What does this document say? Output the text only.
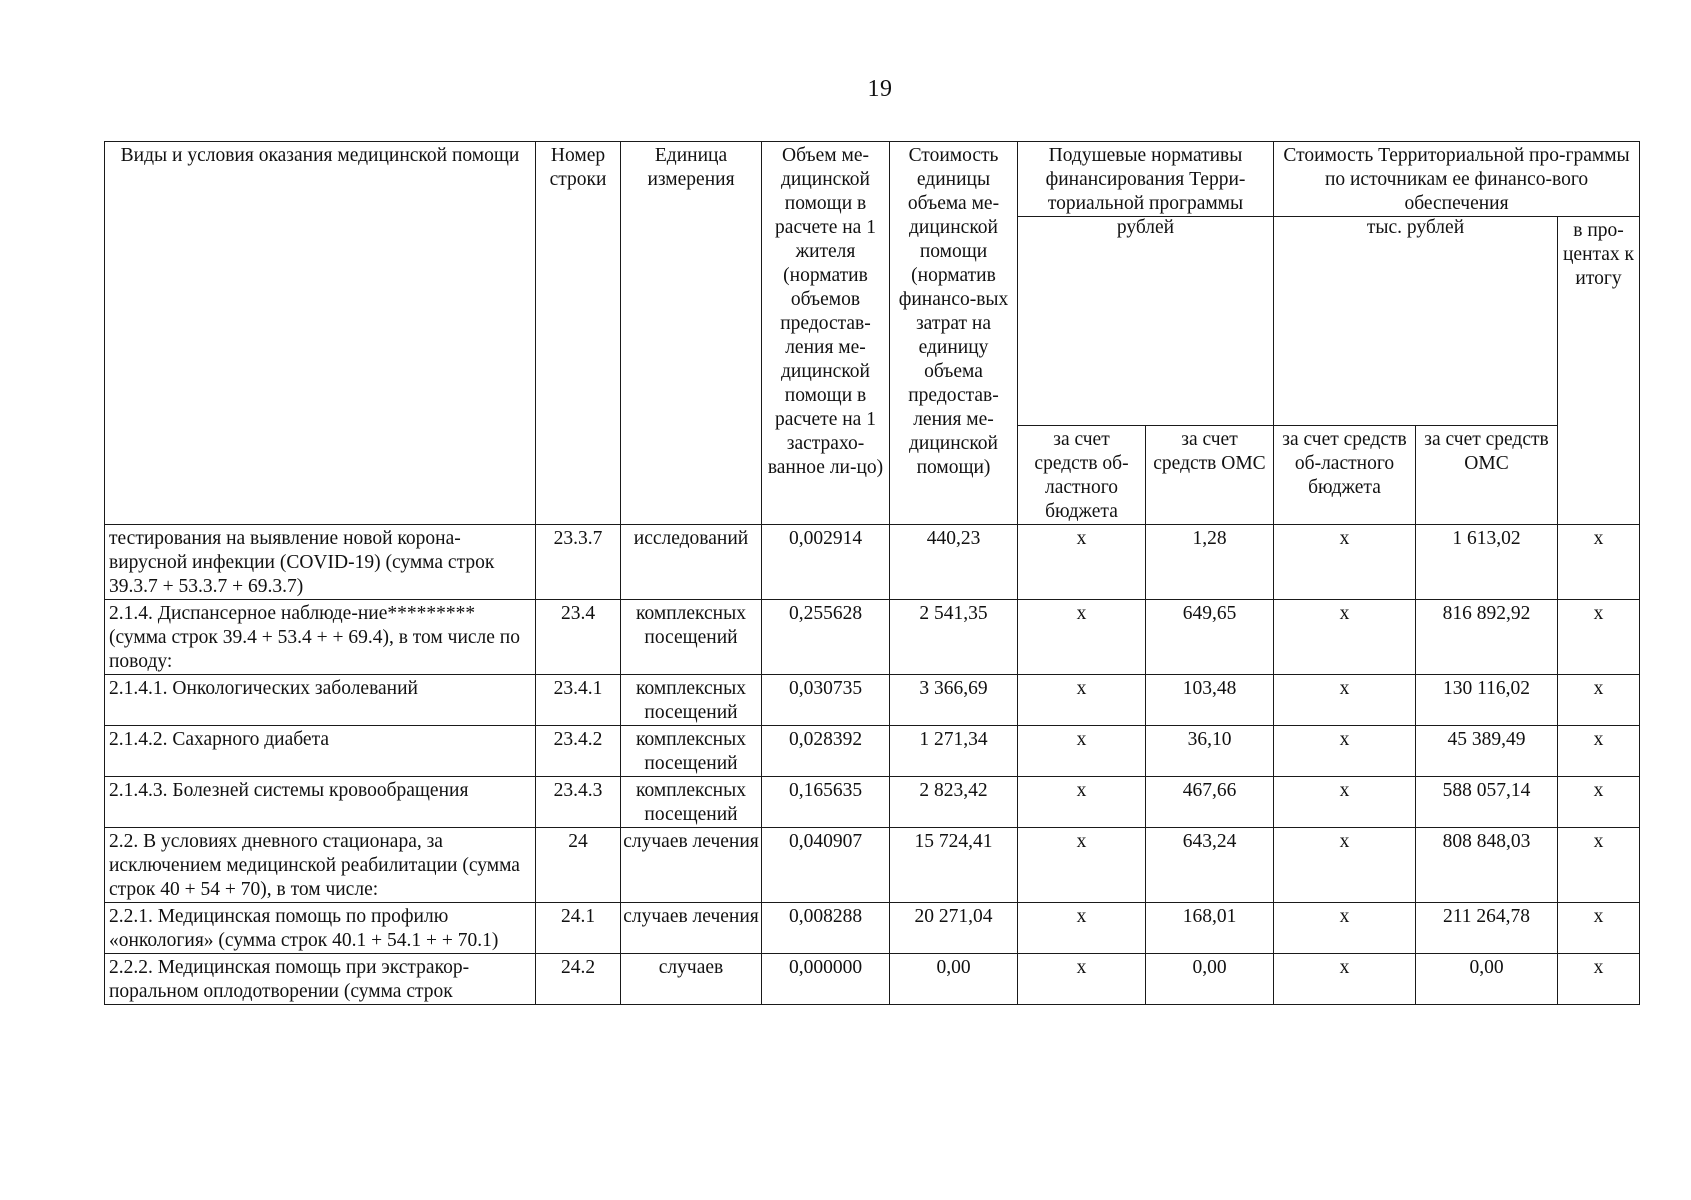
19
Виды и условия оказания медицинской помощи	Номер строки	Единица измерения	Объем ме-дицинской помощи в расчете на 1 жителя (норматив объемов предостав-ления ме-дицинской помощи в расчете на 1 застрахо-ванное ли-цо)	Стоимость единицы объема ме-дицинской помощи (норматив финансо-вых затрат на единицу объема предостав-ления ме-дицинской помощи)	Подушевые нормативы финансирования Терри-ториальной программы		Стоимость Территориальной про-граммы по источникам ее финансо-вого обеспечения		
					рублей		тыс. рублей		в про-центах к итогу
					за счет средств об-ластного бюджета	за счет средств ОМС	за счет средств об-ластного бюджета	за счет средств ОМС	
тестирования на выявление новой корона-вирусной инфекции (COVID-19) (сумма строк 39.3.7 + 53.3.7 + 69.3.7)	23.3.7	исследований	0,002914	440,23	х	1,28	х	1 613,02	х
2.1.4. Диспансерное наблюде-ние********* (сумма строк 39.4 + 53.4 + + 69.4), в том числе по поводу:	23.4	комплексных посещений	0,255628	2 541,35	х	649,65	х	816 892,92	х
2.1.4.1. Онкологических заболеваний	23.4.1	комплексных посещений	0,030735	3 366,69	х	103,48	х	130 116,02	х
2.1.4.2. Сахарного диабета	23.4.2	комплексных посещений	0,028392	1 271,34	х	36,10	х	45 389,49	х
2.1.4.3. Болезней системы кровообращения	23.4.3	комплексных посещений	0,165635	2 823,42	х	467,66	х	588 057,14	х
2.2. В условиях дневного стационара, за исключением медицинской реабилитации (сумма строк 40 + 54 + 70), в том числе:	24	случаев лечения	0,040907	15 724,41	х	643,24	х	808 848,03	х
2.2.1. Медицинская помощь по профилю «онкология» (сумма строк 40.1 + 54.1 + + 70.1)	24.1	случаев лечения	0,008288	20 271,04	х	168,01	х	211 264,78	х
2.2.2. Медицинская помощь при экстракор-поральном оплодотворении (сумма строк	24.2	случаев	0,000000	0,00	х	0,00	х	0,00	х
